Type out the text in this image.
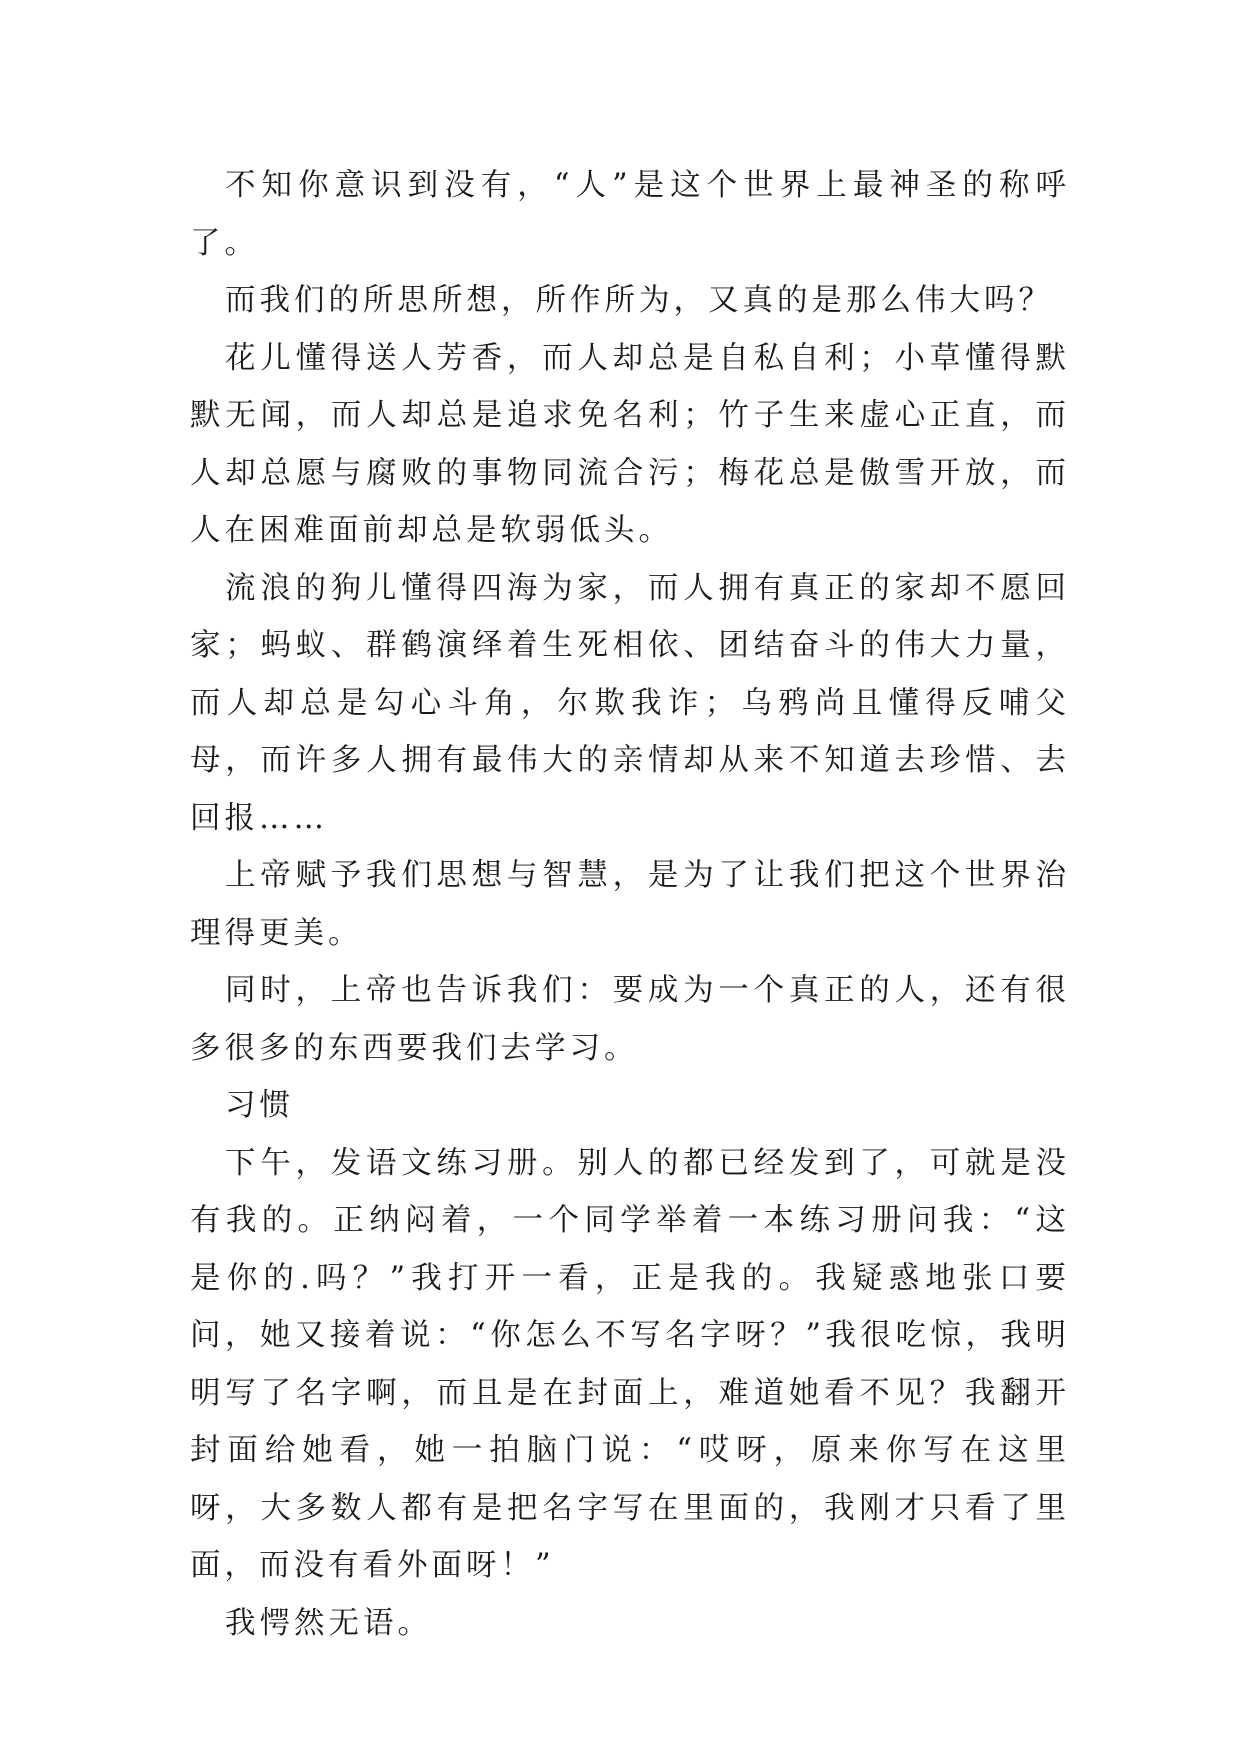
不知你意识到没有，“人”是这个世界上最神圣的称呼了。

而我们的所思所想，所作所为，又真的是那么伟大吗？

花儿懂得送人芳香，而人却总是自私自利；小草懂得默默无闻，而人却总是追求免名利；竹子生来虚心正直，而人却总愿与腐败的事物同流合污；梅花总是傲雪开放，而人在困难面前却总是软弱低头。

流浪的狗儿懂得四海为家，而人拥有真正的家却不愿回家；蚂蚁、群鹤演绎着生死相依、团结奋斗的伟大力量，而人却总是勾心斗角，尔欺我诈；乌鸦尚且懂得反哺父母，而许多人拥有最伟大的亲情却从来不知道去珍惜、去回报……

上帝赋予我们思想与智慧，是为了让我们把这个世界治理得更美。

同时，上帝也告诉我们：要成为一个真正的人，还有很多很多的东西要我们去学习。

习惯

下午，发语文练习册。别人的都已经发到了，可就是没有我的。正纳闷着，一个同学举着一本练习册问我：“这是你的.吗？”我打开一看，正是我的。我疑惑地张口要问，她又接着说：“你怎么不写名字呀？”我很吃惊，我明明写了名字啊，而且是在封面上，难道她看不见？我翻开封面给她看，她一拍脑门说：“哎呀，原来你写在这里呀，大多数人都有是把名字写在里面的，我刚才只看了里面，而没有看外面呀！”

我愕然无语。
